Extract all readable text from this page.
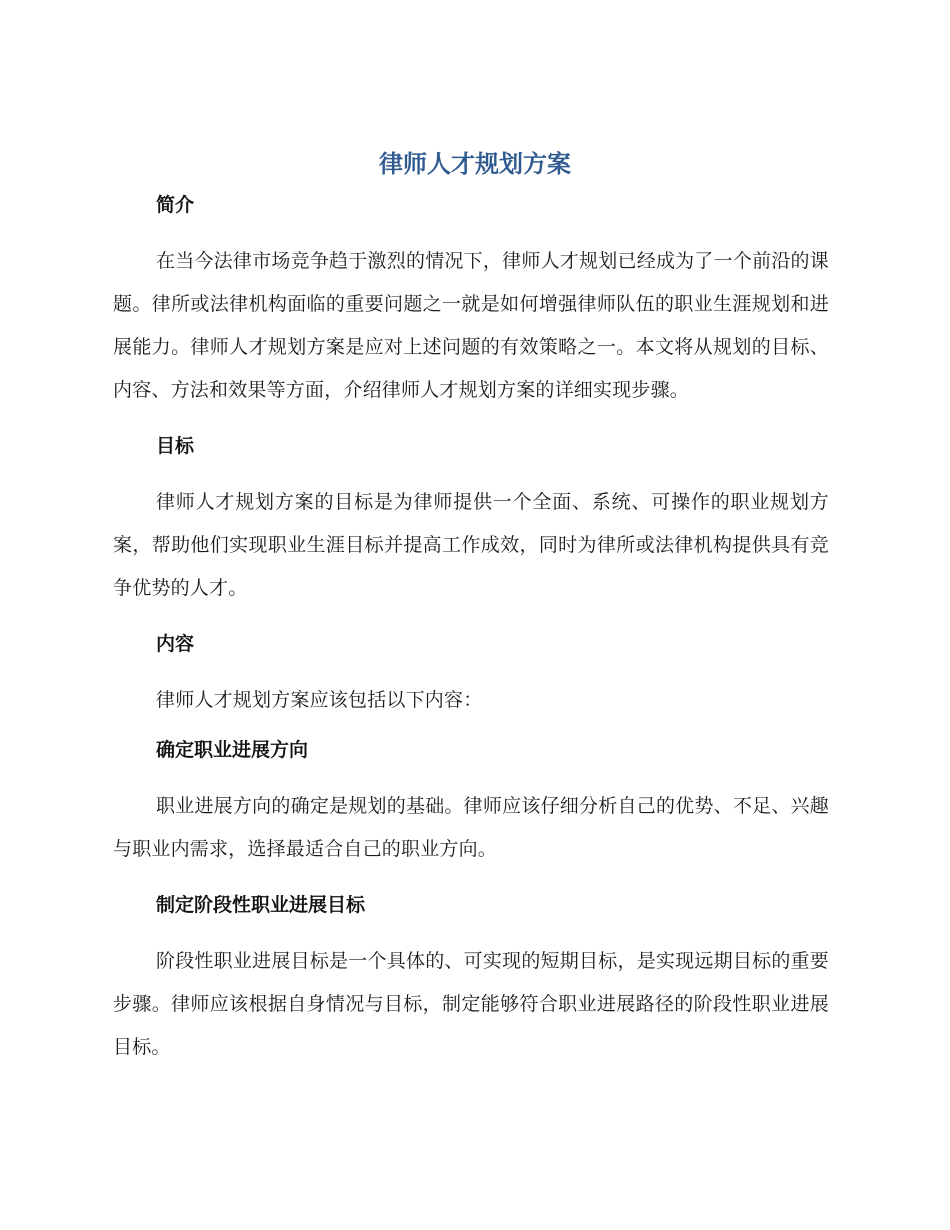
律师人才规划方案
简介

在当今法律市场竞争趋于激烈的情况下，律师人才规划已经成为了一个前沿的课题。律所或法律机构面临的重要问题之一就是如何增强律师队伍的职业生涯规划和进展能力。律师人才规划方案是应对上述问题的有效策略之一。本文将从规划的目标、内容、方法和效果等方面，介绍律师人才规划方案的详细实现步骤。

目标

律师人才规划方案的目标是为律师提供一个全面、系统、可操作的职业规划方案，帮助他们实现职业生涯目标并提高工作成效，同时为律所或法律机构提供具有竞争优势的人才。

内容

律师人才规划方案应该包括以下内容：

确定职业进展方向

职业进展方向的确定是规划的基础。律师应该仔细分析自己的优势、不足、兴趣与职业内需求，选择最适合自己的职业方向。

制定阶段性职业进展目标

阶段性职业进展目标是一个具体的、可实现的短期目标，是实现远期目标的重要步骤。律师应该根据自身情况与目标，制定能够符合职业进展路径的阶段性职业进展目标。
